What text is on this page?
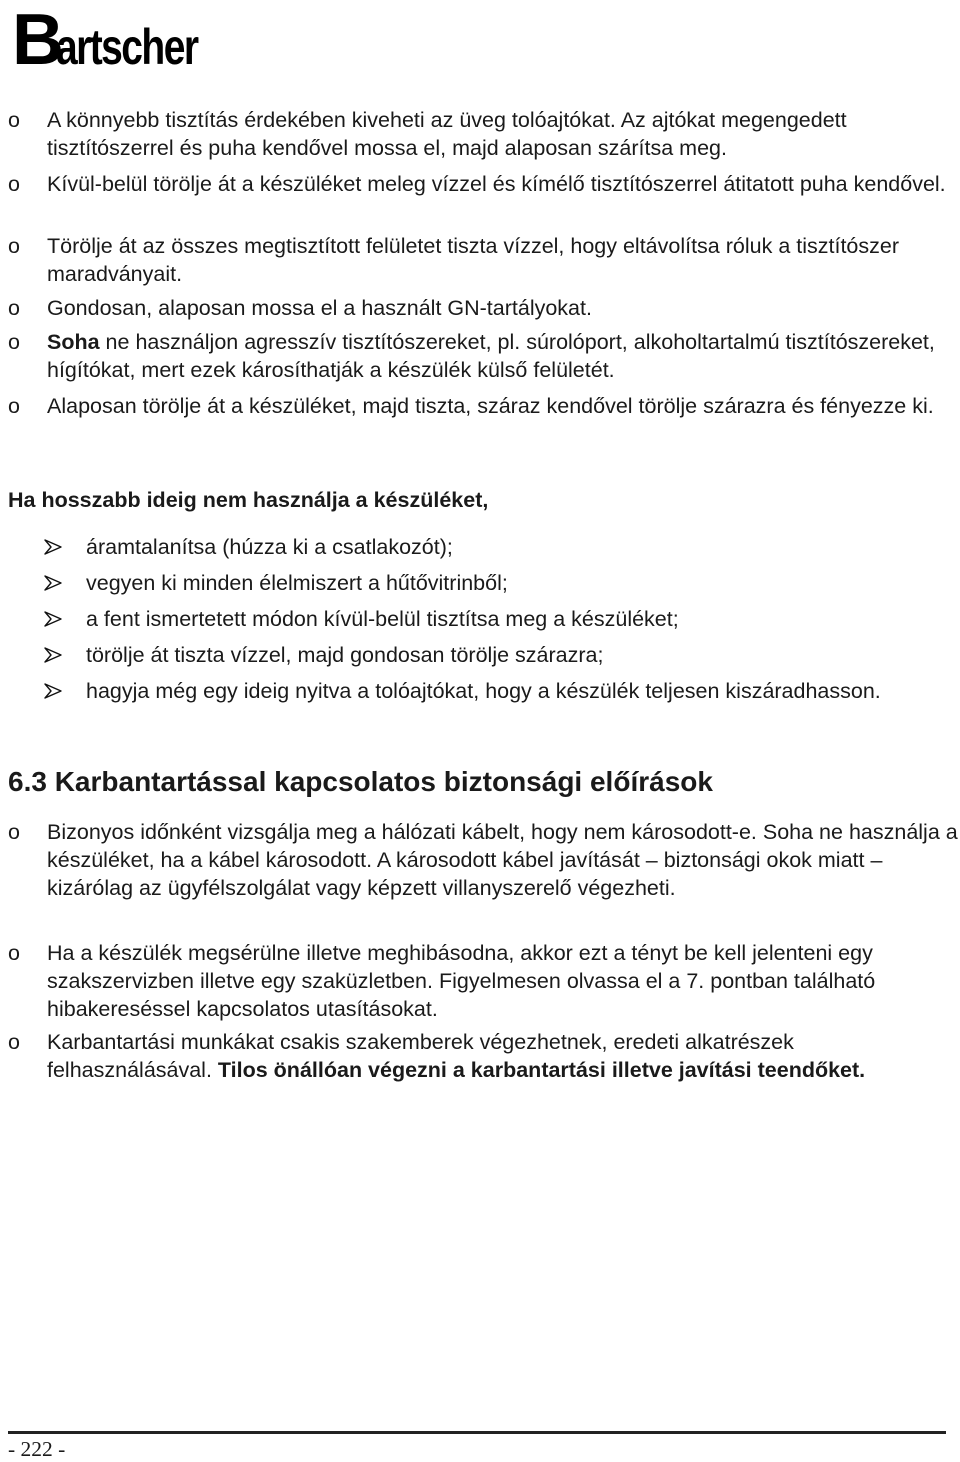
B
artscher
o A könnyebb tisztítás érdekében kiveheti az üveg tolóajtókat. Az ajtókat megengedett tisztítószerrel és puha kendővel mossa el, majd alaposan szárítsa meg.
o Kívül-belül törölje át a készüléket meleg vízzel és kímélő tisztítószerrel átitatott puha kendővel.
o Törölje át az összes megtisztított felületet tiszta vízzel, hogy eltávolítsa róluk a tisztítószer maradványait.
o Gondosan, alaposan mossa el a használt GN-tartályokat.
o Soha ne használjon agresszív tisztítószereket, pl. súrolóport, alkoholtartalmú tisztítószereket, hígítókat, mert ezek károsíthatják a készülék külső felületét.
o Alaposan törölje át a készüléket, majd tiszta, száraz kendővel törölje szárazra és fényezze ki.
Ha hosszabb ideig nem használja a készüléket,
áramtalanítsa (húzza ki a csatlakozót);
vegyen ki minden élelmiszert a hűtővitrinből;
a fent ismertetett módon kívül-belül tisztítsa meg a készüléket;
törölje át tiszta vízzel, majd gondosan törölje szárazra;
hagyja még egy ideig nyitva a tolóajtókat, hogy a készülék teljesen kiszáradhasson.
6.3 Karbantartással kapcsolatos biztonsági előírások
o Bizonyos időnként vizsgálja meg a hálózati kábelt, hogy nem károsodott-e. Soha ne használja a készüléket, ha a kábel károsodott. A károsodott kábel javítását – biztonsági okok miatt – kizárólag az ügyfélszolgálat vagy képzett villanyszerelő végezheti.
o Ha a készülék megsérülne illetve meghibásodna, akkor ezt a tényt be kell jelenteni egy szakszervizben illetve egy szaküzletben. Figyelmesen olvassa el a 7. pontban található hibakereséssel kapcsolatos utasításokat.
o Karbantartási munkákat csakis szakemberek végezhetnek, eredeti alkatrészek felhasználásával. Tilos önállóan végezni a karbantartási illetve javítási teendőket.
- 222 -
